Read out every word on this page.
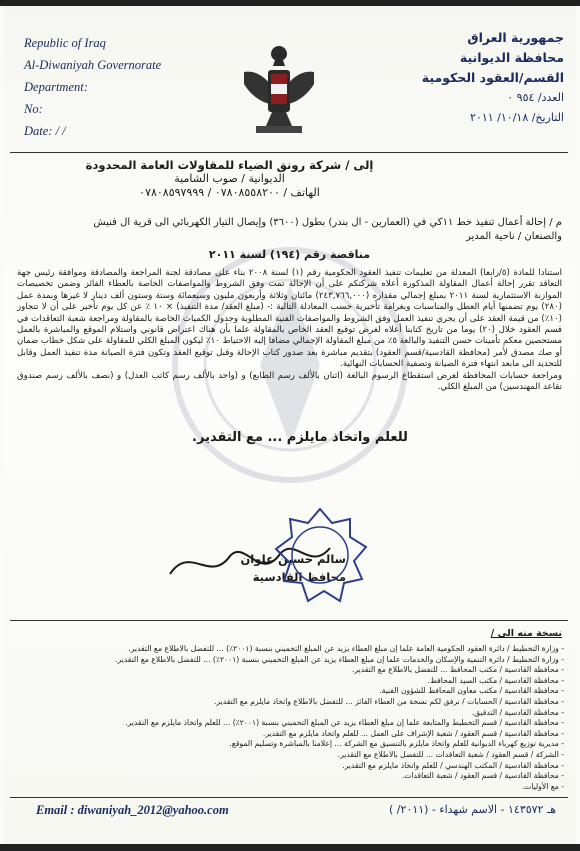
Republic of Iraq
Al-Diwaniyah Governorate
Department:
No:
Date: / /
جمهورية العراق
محافظة الديوانية
القسم/العقود الحكومية
العدد/ ٩٥٤ ٠
التاريخ/ ١٠/١٨/ ٢٠١١
إلى / شركة رونق الضياء للمقاولات العامة المحدودة
الديوانية / صوب الشامية
الهاتف / ٠٧٨٠٨٥٥٨٢٠٠ / ٠٧٨٠٨٥٩٧٩٩٩
م / إحالة أعمال تنفيذ خط ١١كي في (العمارين - ال بندر) بطول (٣٦٠٠) وإيصال التيار الكهربائي الى قرية ال فنيش
والصنعان / ناحية المدير
مناقصة رقم (١٩٤) لسنة ٢٠١١

استنادا للمادة (٥/رابعا) المعدلة من تعليمات تنفيذ العقود الحكومية رقم (١) لسنة ٢٠٠٨ بناء على مصادقة لجنة المراجعة والمصادقة وموافقة رئيس جهة التعاقد تقرر إحالة أعمال المقاولة المذكورة أعلاه شركتكم على أن الإحالة تمت وفق الشروط والمواصفات الخاصة بالعطاء الفائز وضمن تخصيصات الموازنة الاستثمارية لسنة ٢٠١١ بمبلغ إجمالي مقداره (٢٤٣,٧٦٦,٠٠٠) مائتان وثلاثة وأربعون مليون وسبعمائة وستة وستون ألف دينار لا غيرها وبمدة عمل (٢٨٠) يوم تضمنها أيام العطل والمناسبات وبغرامة تأخيرية حسب المعادلة التالية :- (مبلغ العقد/ مدة التنفيذ) × ١٠ ٪ عن كل يوم تأخير على أن لا تتجاوز (١٠٪) من قيمة العقد على أن يجري تنفيذ العمل وفق الشروط والمواصفات الفنية المطلوبة وجدول الكميات الخاصة بالمقاولة ومراجعة شعبة التعاقدات في قسم العقود خلال (٢٠) يوما من تاريخ كتابنا أعلاه لغرض توقيع العقد الخاص بالمقاولة علما بأن هناك اعتراض قانوني واستلام الموقع والمباشرة بالعمل مستحصين معكم تأمينات حسن التنفيذ والبالغة ٥٪ من مبلغ المقاولة الإجمالي مضافا إليه الاحتياط ١٠٪ ليكون المبلغ الكلي للمقاولة على شكل خطاب ضمان أو صك مصدق لأمر (محافظة القادسية/قسم العقود) بتقديم مباشرة بعد صدور كتاب الإحالة وقبل توقيع العقد وتكون فترة الصيانة مدة تنفيذ العمل وقابل للتجديد الى مابعد انتهاء فترة الصيانة وتصفية الحسابات النهائية.

ومراجعة حسابات المحافظة لغرض استقطاع الرسوم البالغة (اثنان بالألف رسم الطابع) و (واحد بالألف رسم كاتب العدل) و (نصف بالألف رسم صندوق تقاعد المهندسين) من المبلغ الكلي.

للعلم واتخاذ مايلزم ... مع التقدير.
سالم حسين علوان
محافظ القادسية
نسخة منه الى /
- وزارة التخطيط / دائرة العقود الحكومية العامة علما إن مبلغ العطاء يزيد عن المبلغ التخميني بنسبة (٢٠٠١٪) ... للتفضل بالاطلاع مع التقدير.
- وزارة التخطيط / دائرة التنمية والإسكان والخدمات علما إن مبلغ العطاء يزيد عن المبلغ التخميني بنسبة (٢٠٠١٪) ... للتفضل بالاطلاع مع التقدير.
- محافظة القادسية / مكتب المحافظ ... للتفضل بالاطلاع مع التقدير.
- محافظة القادسية / مكتب السيد المحافظ.
- محافظة القادسية / مكتب معاون المحافظ للشؤون الفنية.
- محافظة القادسية / الحسابات / نرفق لكم نسخة من العطاء الفائز ... للتفضل بالاطلاع واتخاذ مايلزم مع التقدير.
- محافظة القادسية / التدقيق.
- محافظة القادسية / قسم التخطيط والمتابعة علما إن مبلغ العطاء يزيد عن المبلغ التخميني بنسبة (٢٠٠١٪) ... للعلم واتخاذ مايلزم مع التقدير.
- محافظة القادسية / قسم العقود / شعبة الإشراف على العمل ... للعلم واتخاذ مايلزم مع التقدير.
- مديرية توزيع كهرباء الديوانية للعلم واتخاذ مايلزم بالتنسيق مع الشركة ... إعلامنا بالمباشرة وتسليم الموقع.
- الشركة / قسم العقود / شعبة التعاقدات ... للتفضل بالاطلاع مع التقدير.
- محافظة القادسية / المكتب الهندسي / للعلم واتخاذ مايلزم مع التقدير.
- محافظة القادسية / قسم العقود / شعبة التعاقدات.
- مع الأوليات.
Email : diwaniyah_2012@yahoo.com	هـ ١٤٣٥٧٢ - الاسم شهداء - (٢٠١١/ )
